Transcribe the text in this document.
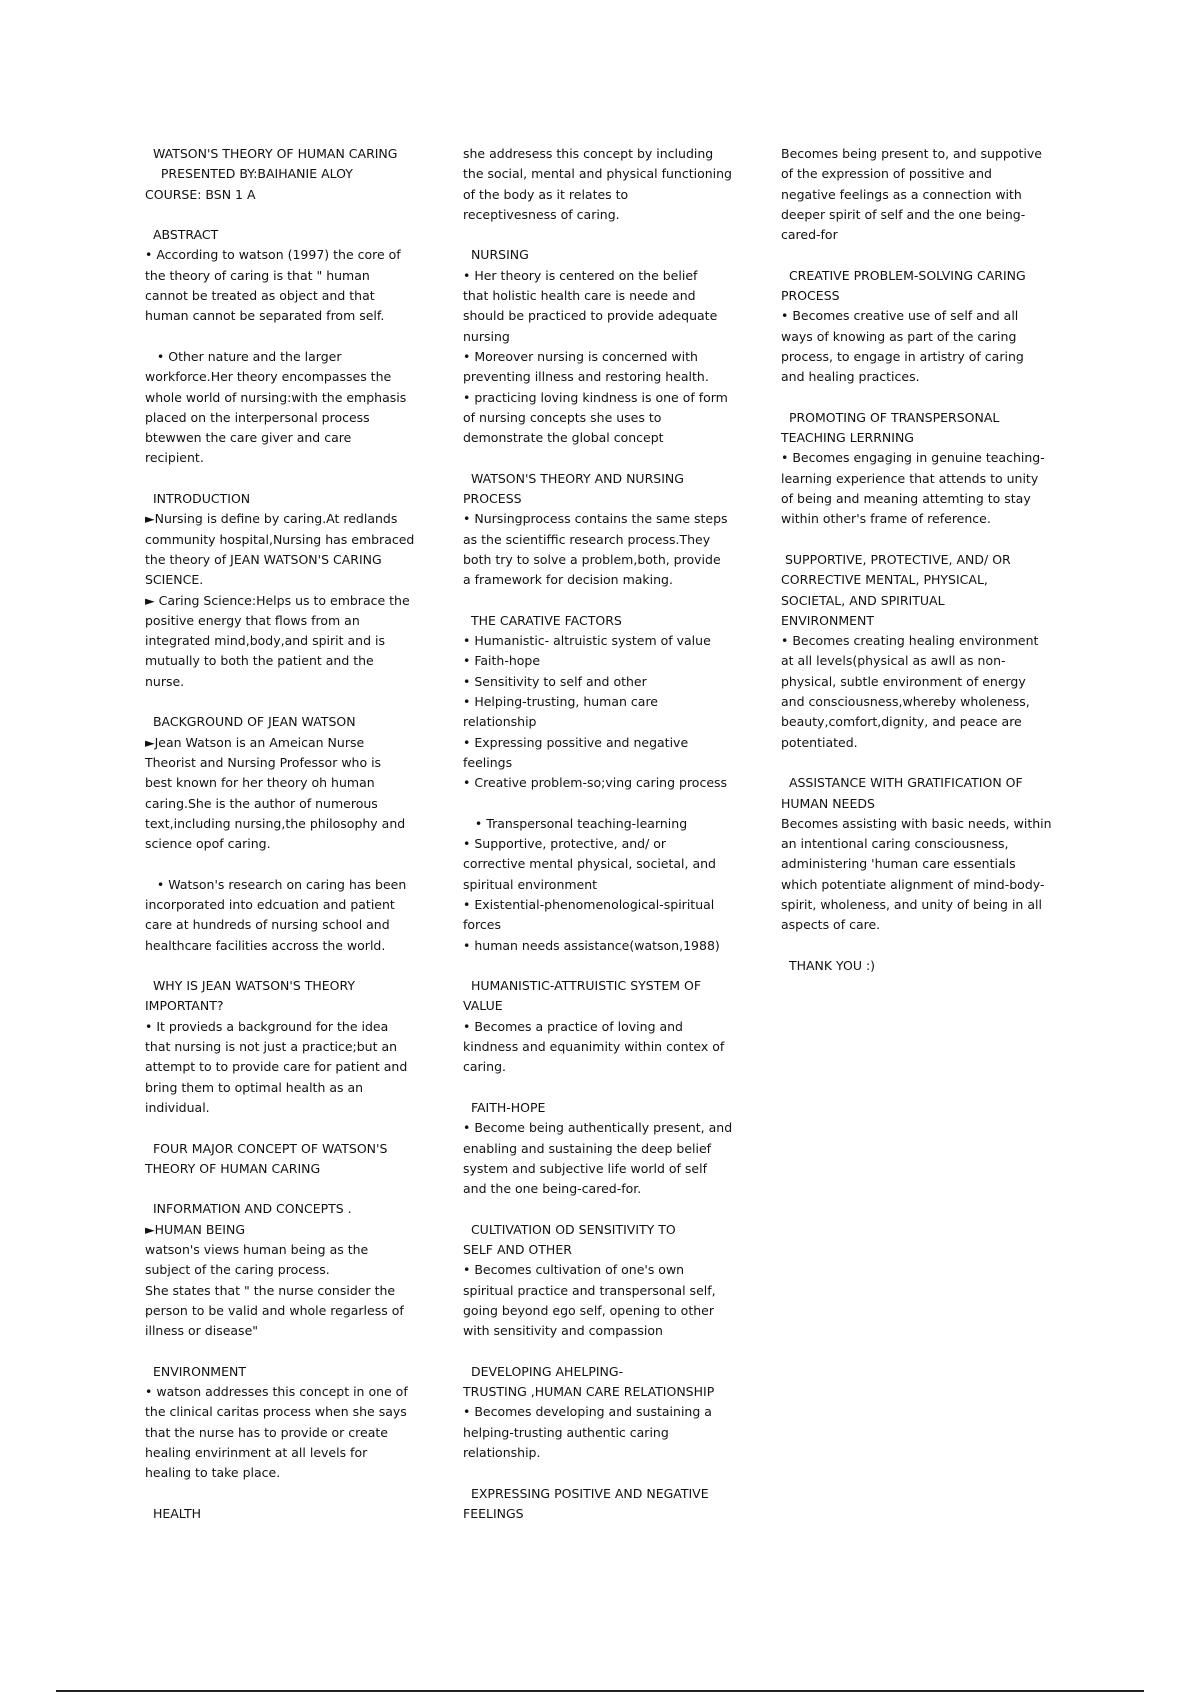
WATSON'S THEORY OF HUMAN CARING
PRESENTED BY:BAIHANIE ALOY
COURSE: BSN 1 A
ABSTRACT
• According to watson (1997) the core of
the theory of caring is that " human
cannot be treated as object and that
human cannot be separated from self.
• Other nature and the larger
workforce.Her theory encompasses the
whole world of nursing:with the emphasis
placed on the interpersonal process
btewwen the care giver and care
recipient.
INTRODUCTION
►Nursing is define by caring.At redlands
community hospital,Nursing has embraced
the theory of JEAN WATSON'S CARING
SCIENCE.
► Caring Science:Helps us to embrace the
positive energy that flows from an
integrated mind,body,and spirit and is
mutually to both the patient and the
nurse.
BACKGROUND OF JEAN WATSON
►Jean Watson is an Ameican Nurse
Theorist and Nursing Professor who is
best known for her theory oh human
caring.She is the author of numerous
text,including nursing,the philosophy and
science opof caring.
• Watson's research on caring has been
incorporated into edcuation and patient
care at hundreds of nursing school and
healthcare facilities accross the world.
WHY IS JEAN WATSON'S THEORY
IMPORTANT?
• It provieds a background for the idea
that nursing is not just a practice;but an
attempt to to provide care for patient and
bring them to optimal health as an
individual.
FOUR MAJOR CONCEPT OF WATSON'S
THEORY OF HUMAN CARING
INFORMATION AND CONCEPTS .
►HUMAN BEING
watson's views human being as the
subject of the caring process.
She states that " the nurse consider the
person to be valid and whole regarless of
illness or disease"
ENVIRONMENT
• watson addresses this concept in one of
the clinical caritas process when she says
that the nurse has to provide or create
healing envirinment at all levels for
healing to take place.
HEALTH
she addresess this concept by including
the social, mental and physical functioning
of the body as it relates to
receptivesness of caring.
NURSING
• Her theory is centered on the belief
that holistic health care is neede and
should be practiced to provide adequate
nursing
• Moreover nursing is concerned with
preventing illness and restoring health.
• practicing loving kindness is one of form
of nursing concepts she uses to
demonstrate the global concept
WATSON'S THEORY AND NURSING
PROCESS
• Nursingprocess contains the same steps
as the scientiffic research process.They
both try to solve a problem,both, provide
a framework for decision making.
THE CARATIVE FACTORS
• Humanistic- altruistic system of value
• Faith-hope
• Sensitivity to self and other
• Helping-trusting, human care
relationship
• Expressing possitive and negative
feelings
• Creative problem-so;ving caring process
• Transpersonal teaching-learning
• Supportive, protective, and/ or
corrective mental physical, societal, and
spiritual environment
• Existential-phenomenological-spiritual
forces
• human needs assistance(watson,1988)
HUMANISTIC-ATTRUISTIC SYSTEM OF
VALUE
• Becomes a practice of loving and
kindness and equanimity within contex of
caring.
FAITH-HOPE
• Become being authentically present, and
enabling and sustaining the deep belief
system and subjective life world of self
and the one being-cared-for.
CULTIVATION OD SENSITIVITY TO
SELF AND OTHER
• Becomes cultivation of one's own
spiritual practice and transpersonal self,
going beyond ego self, opening to other
with sensitivity and compassion
DEVELOPING AHELPING-
TRUSTING ,HUMAN CARE RELATIONSHIP
• Becomes developing and sustaining a
helping-trusting authentic caring
relationship.
EXPRESSING POSITIVE AND NEGATIVE
FEELINGS
Becomes being present to, and suppotive
of the expression of possitive and
negative feelings as a connection with
deeper spirit of self and the one being-
cared-for
CREATIVE PROBLEM-SOLVING CARING
PROCESS
• Becomes creative use of self and all
ways of knowing as part of the caring
process, to engage in artistry of caring
and healing practices.
PROMOTING OF TRANSPERSONAL
TEACHING LERRNING
• Becomes engaging in genuine teaching-
learning experience that attends to unity
of being and meaning attemting to stay
within other's frame of reference.
SUPPORTIVE, PROTECTIVE, AND/ OR
CORRECTIVE MENTAL, PHYSICAL,
SOCIETAL, AND SPIRITUAL
ENVIRONMENT
• Becomes creating healing environment
at all levels(physical as awll as non-
physical, subtle environment of energy
and consciousness,whereby wholeness,
beauty,comfort,dignity, and peace are
potentiated.
ASSISTANCE WITH GRATIFICATION OF
HUMAN NEEDS
Becomes assisting with basic needs, within
an intentional caring consciousness,
administering 'human care essentials
which potentiate alignment of mind-body-
spirit, wholeness, and unity of being in all
aspects of care.
THANK YOU :)
